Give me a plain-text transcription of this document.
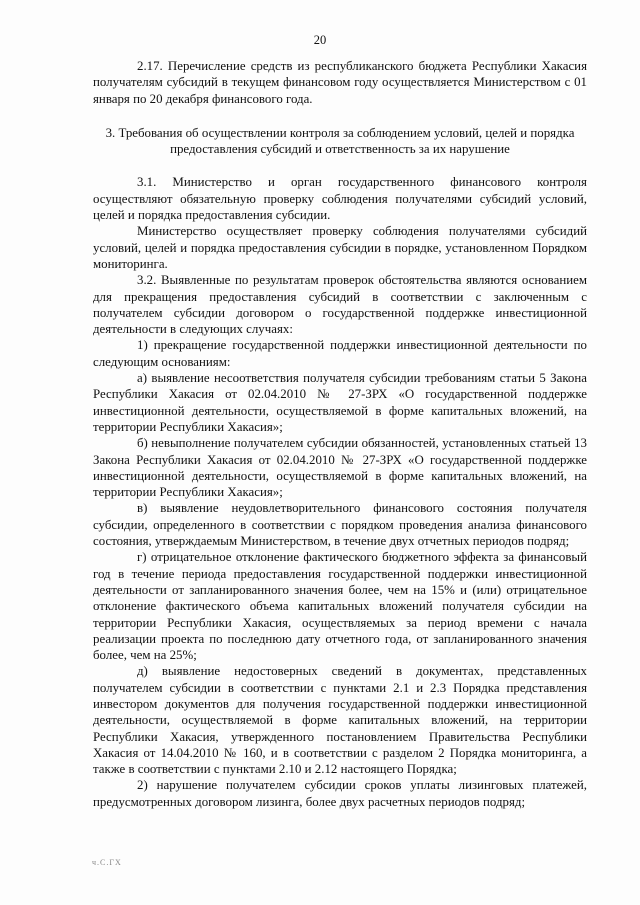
20

2.17. Перечисление средств из республиканского бюджета Республики Хакасия получателям субсидий в текущем финансовом году осуществляется Министерством с 01 января по 20 декабря финансового года.

3. Требования об осуществлении контроля за соблюдением условий, целей и порядка предоставления субсидий и ответственность за их нарушение

3.1. Министерство и орган государственного финансового контроля осуществляют обязательную проверку соблюдения получателями субсидий условий, целей и порядка предоставления субсидии.

Министерство осуществляет проверку соблюдения получателями субсидий условий, целей и порядка предоставления субсидии в порядке, установленном Порядком мониторинга.

3.2. Выявленные по результатам проверок обстоятельства являются основанием для прекращения предоставления субсидий в соответствии с заключенным с получателем субсидии договором о государственной поддержке инвестиционной деятельности в следующих случаях:

1) прекращение государственной поддержки инвестиционной деятельности по следующим основаниям:

а) выявление несоответствия получателя субсидии требованиям статьи 5 Закона Республики Хакасия от 02.04.2010 № 27-ЗРХ «О государственной поддержке инвестиционной деятельности, осуществляемой в форме капитальных вложений, на территории Республики Хакасия»;

б) невыполнение получателем субсидии обязанностей, установленных статьей 13 Закона Республики Хакасия от 02.04.2010 № 27-ЗРХ «О государственной поддержке инвестиционной деятельности, осуществляемой в форме капитальных вложений, на территории Республики Хакасия»;

в) выявление неудовлетворительного финансового состояния получателя субсидии, определенного в соответствии с порядком проведения анализа финансового состояния, утверждаемым Министерством, в течение двух отчетных периодов подряд;

г) отрицательное отклонение фактического бюджетного эффекта за финансовый год в течение периода предоставления государственной поддержки инвестиционной деятельности от запланированного значения более, чем на 15% и (или) отрицательное отклонение фактического объема капитальных вложений получателя субсидии на территории Республики Хакасия, осуществляемых за период времени с начала реализации проекта по последнюю дату отчетного года, от запланированного значения более, чем на 25%;

д) выявление недостоверных сведений в документах, представленных получателем субсидии в соответствии с пунктами 2.1 и 2.3 Порядка представления инвестором документов для получения государственной поддержки инвестиционной деятельности, осуществляемой в форме капитальных вложений, на территории Республики Хакасия, утвержденного постановлением Правительства Республики Хакасия от 14.04.2010 № 160, и в соответствии с разделом 2 Порядка мониторинга, а также в соответствии с пунктами 2.10 и 2.12 настоящего Порядка;

2) нарушение получателем субсидии сроков уплаты лизинговых платежей, предусмотренных договором лизинга, более двух расчетных периодов подряд;

ч.С.ГХ
